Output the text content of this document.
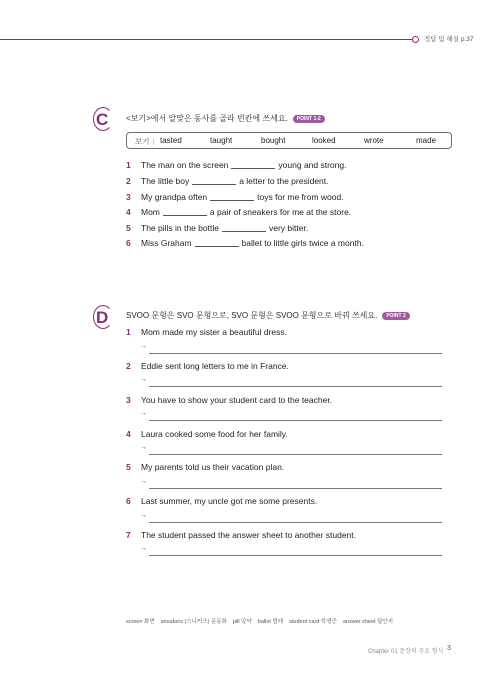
정답 및 해설 p.37
C <보기>에서 알맞은 동사를 골라 빈칸에 쓰세요. POINT 1-2
보기 | tasted	taught	bought	looked	wrote	made
1 The man on the screen	young and strong.
2 The little boy	a letter to the president.
3 My grandpa often	toys for me from wood.
4 Mom	a pair of sneakers for me at the store.
5 The pills in the bottle	very bitter.
6 Miss Graham	ballet to little girls twice a month.
D SVOO 문형은 SVO 문형으로, SVO 문형은 SVOO 문형으로 바꿔 쓰세요. POINT 2
1 Mom made my sister a beautiful dress.
→
2 Eddie sent long letters to me in France.
→
3 You have to show your student card to the teacher.
→
4 Laura cooked some food for her family.
→
5 My parents told us their vacation plan.
→
6 Last summer, my uncle got me some presents.
→
7 The student passed the answer sheet to another student.
→
screen 화면 sneakers (스니커즈) 운동화 pill 알약 ballet 발레 student card 학생증 answer sheet 답안지
Chapter 01 문장의 주요 형식 3
